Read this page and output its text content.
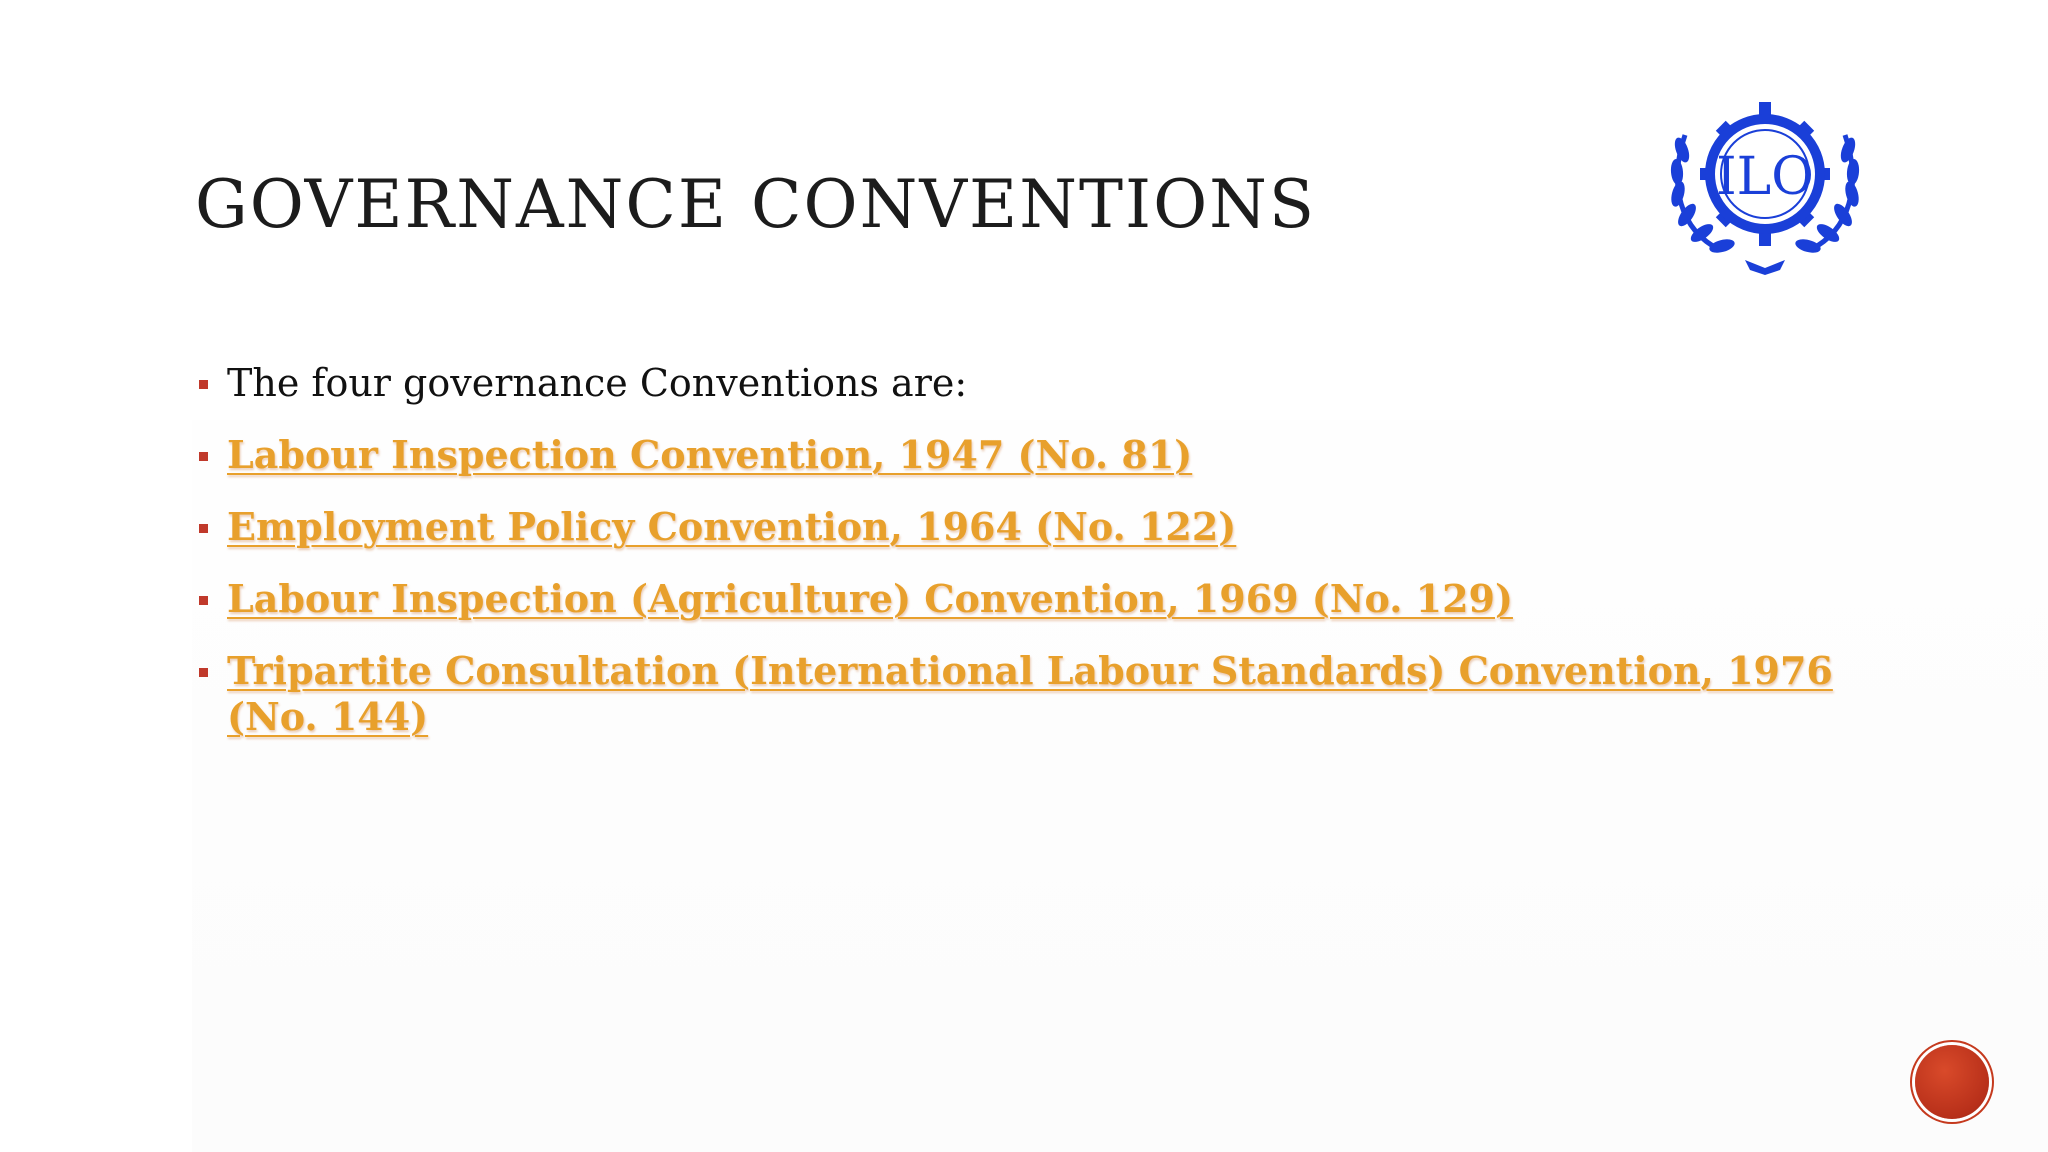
GOVERNANCE CONVENTIONS	ILO
The four governance Conventions are:
Labour Inspection Convention, 1947 (No. 81)
Employment Policy Convention, 1964 (No. 122)
Labour Inspection (Agriculture) Convention, 1969 (No. 129)
Tripartite Consultation (International Labour Standards) Convention, 1976 (No. 144)
